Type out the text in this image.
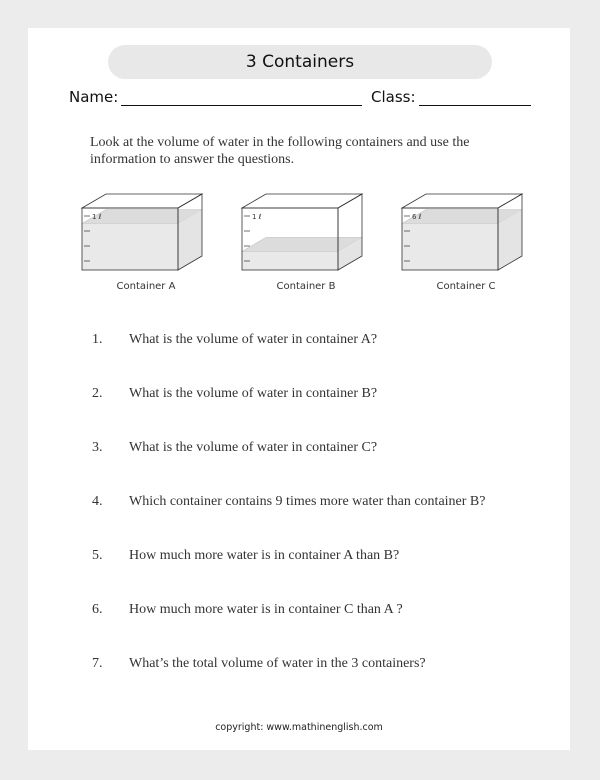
3 Containers
Name:	Class:
Look at the volume of water in the following containers and use the information to answer the questions.
1 ℓ
Container A
1 ℓ
Container B
6 ℓ
Container C
1. What is the volume of water in container A?
2. What is the volume of water in container B?
3. What is the volume of water in container C?
4. Which container contains 9 times more water than container B?
5. How much more water is in container A than B?
6. How much more water is in container C than A ?
7. What’s the total volume of water in the 3 containers?
copyright: www.mathinenglish.com
